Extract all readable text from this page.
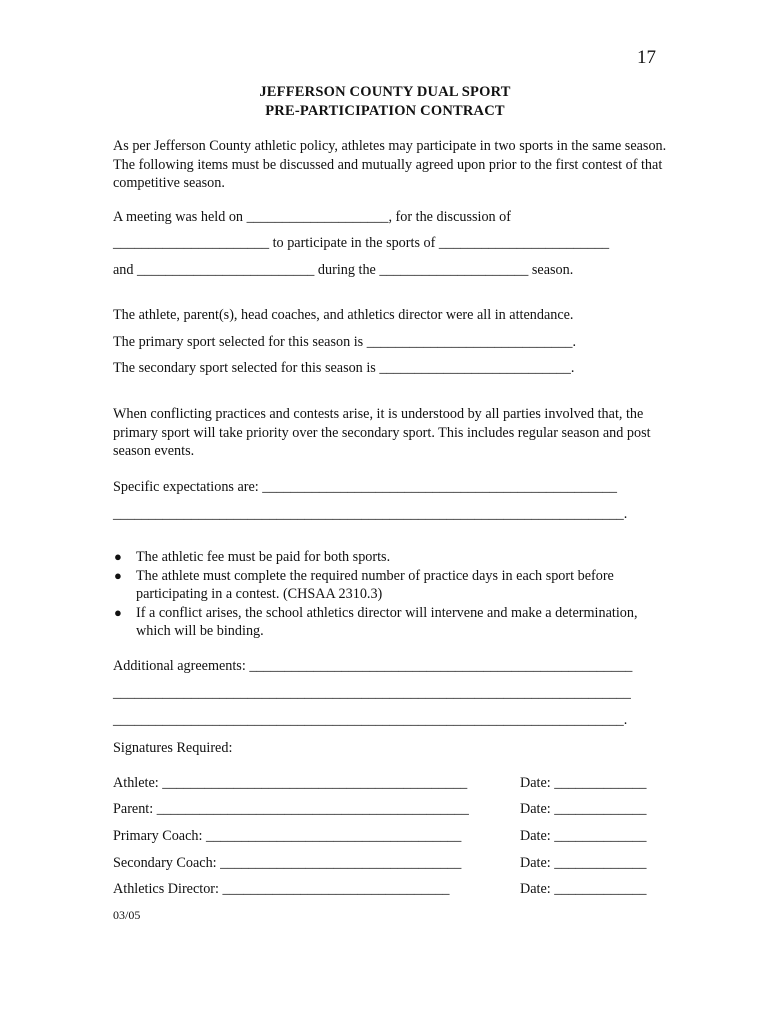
17
JEFFERSON COUNTY DUAL SPORT
PRE-PARTICIPATION CONTRACT
As per Jefferson County athletic policy, athletes may participate in two sports in the same season. The following items must be discussed and mutually agreed upon prior to the first contest of that competitive season.
A meeting was held on ____________________, for the discussion of
______________________ to participate in the sports of ________________________
and _________________________ during the _____________________ season.
The athlete, parent(s), head coaches, and athletics director were all in attendance.
The primary sport selected for this season is _____________________________.
The secondary sport selected for this season is ___________________________.
When conflicting practices and contests arise, it is understood by all parties involved that, the primary sport will take priority over the secondary sport. This includes regular season and post season events.
Specific expectations are: __________________________________________________
________________________________________________________________________.
● The athletic fee must be paid for both sports.
● The athlete must complete the required number of practice days in each sport before participating in a contest. (CHSAA 2310.3)
● If a conflict arises, the school athletics director will intervene and make a determination, which will be binding.
Additional agreements: ______________________________________________________
_________________________________________________________________________
________________________________________________________________________.
Signatures Required:
Athlete: ___________________________________________	Date: _____________
Parent: ____________________________________________	Date: _____________
Primary Coach: ____________________________________	Date: _____________
Secondary Coach: __________________________________	Date: _____________
Athletics Director: ________________________________	Date: _____________
03/05
